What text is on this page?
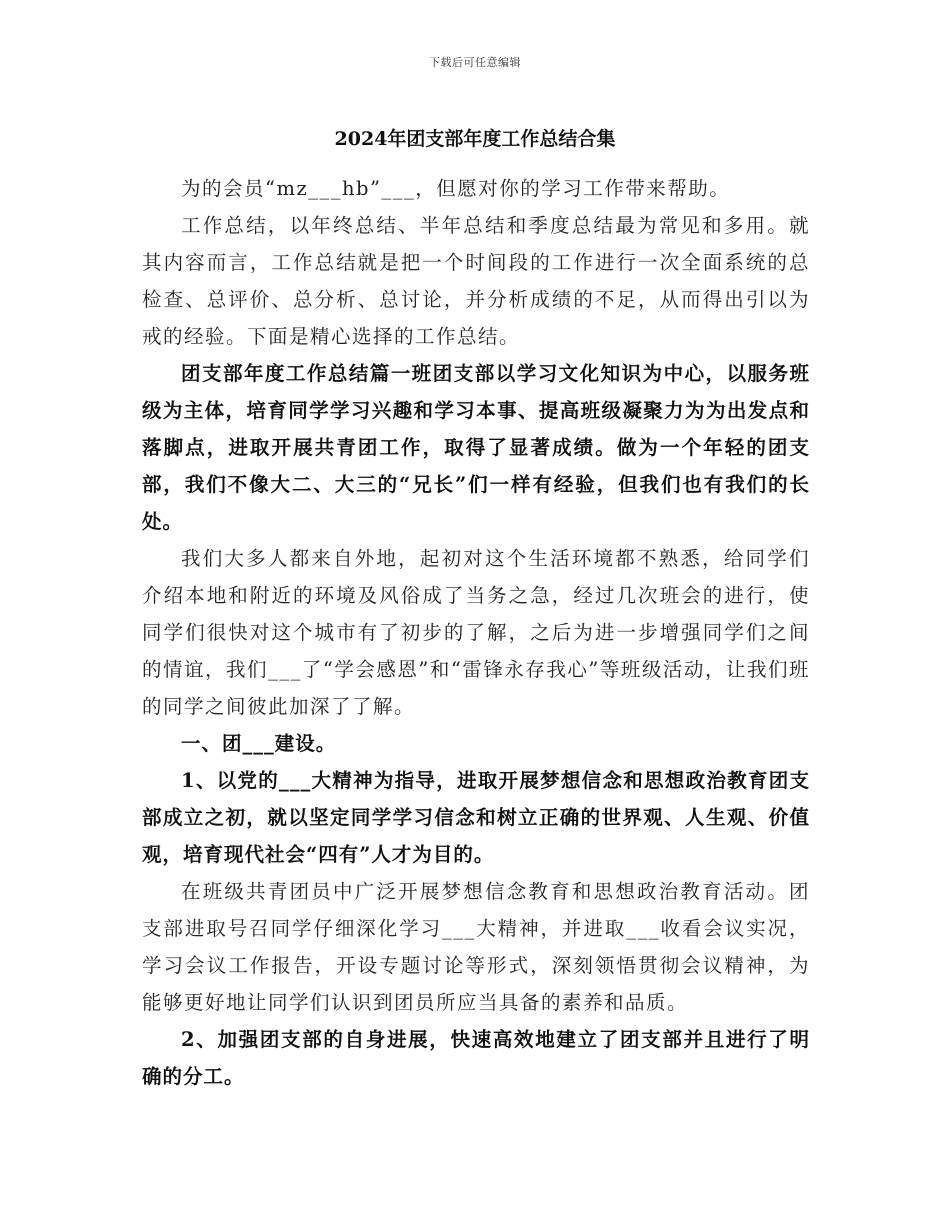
下载后可任意编辑
2024年团支部年度工作总结合集

为的会员“mz___hb”___，但愿对你的学习工作带来帮助。

工作总结，以年终总结、半年总结和季度总结最为常见和多用。就其内容而言，工作总结就是把一个时间段的工作进行一次全面系统的总检查、总评价、总分析、总讨论，并分析成绩的不足，从而得出引以为戒的经验。下面是精心选择的工作总结。

团支部年度工作总结篇一班团支部以学习文化知识为中心，以服务班级为主体，培育同学学习兴趣和学习本事、提高班级凝聚力为为出发点和落脚点，进取开展共青团工作，取得了显著成绩。做为一个年轻的团支部，我们不像大二、大三的“兄长”们一样有经验，但我们也有我们的长处。

我们大多人都来自外地，起初对这个生活环境都不熟悉，给同学们介绍本地和附近的环境及风俗成了当务之急，经过几次班会的进行，使同学们很快对这个城市有了初步的了解，之后为进一步增强同学们之间的情谊，我们___了“学会感恩”和“雷锋永存我心”等班级活动，让我们班的同学之间彼此加深了了解。

一、团___建设。

1、以党的___大精神为指导，进取开展梦想信念和思想政治教育团支部成立之初，就以坚定同学学习信念和树立正确的世界观、人生观、价值观，培育现代社会“四有”人才为目的。

在班级共青团员中广泛开展梦想信念教育和思想政治教育活动。团支部进取号召同学仔细深化学习___大精神，并进取___收看会议实况，学习会议工作报告，开设专题讨论等形式，深刻领悟贯彻会议精神，为能够更好地让同学们认识到团员所应当具备的素养和品质。

2、加强团支部的自身进展，快速高效地建立了团支部并且进行了明确的分工。
